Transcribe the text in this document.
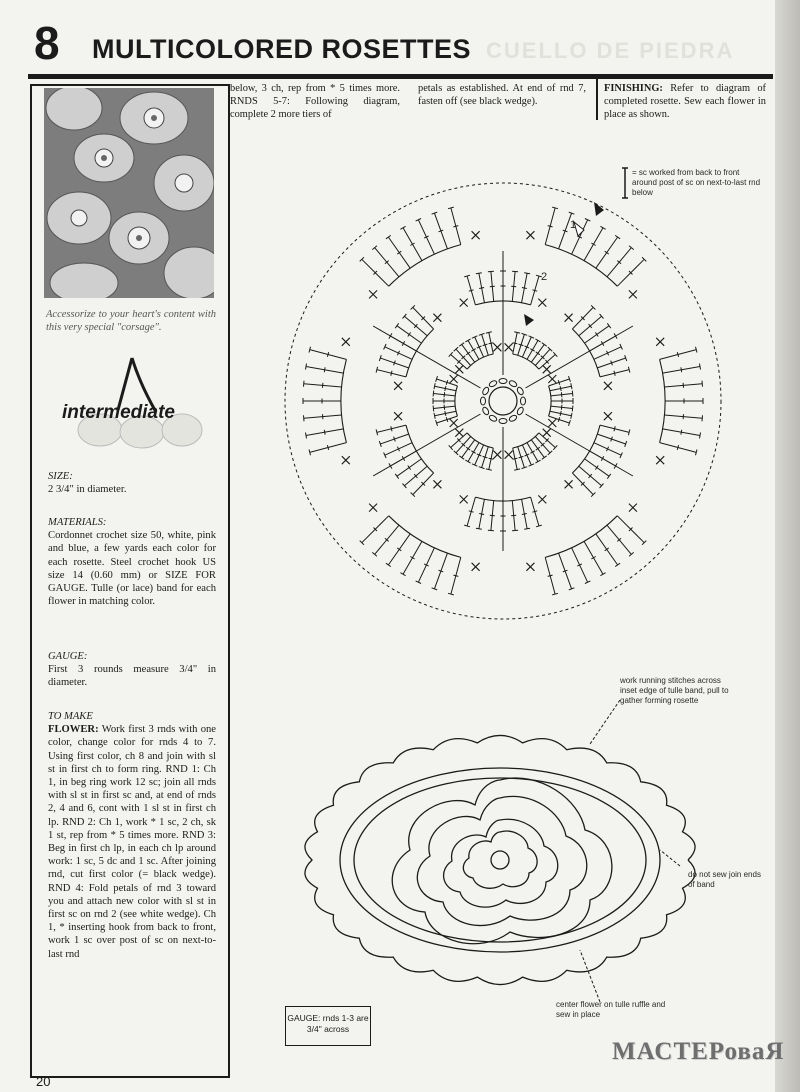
CUELLO DE PIEDRA
8 MULTICOLORED ROSETTES
Accessorize to your heart's content with this very special "corsage".
intermediate
SIZE:
2 3/4" in diameter.
MATERIALS:
Cordonnet crochet size 50, white, pink and blue, a few yards each color for each rosette. Steel crochet hook US size 14 (0.60 mm) or SIZE FOR GAUGE. Tulle (or lace) band for each flower in matching color.
GAUGE:
First 3 rounds measure 3/4" in diameter.
TO MAKE
FLOWER: Work first 3 rnds with one color, change color for rnds 4 to 7. Using first color, ch 8 and join with sl st in first ch to form ring. RND 1: Ch 1, in beg ring work 12 sc; join all rnds with sl st in first sc and, at end of rnds 2, 4 and 6, cont with 1 sl st in first ch lp. RND 2: Ch 1, work * 1 sc, 2 ch, sk 1 st, rep from * 5 times more. RND 3: Beg in first ch lp, in each ch lp around work: 1 sc, 5 dc and 1 sc. After joining rnd, cut first color (= black wedge). RND 4: Fold petals of rnd 3 toward you and attach new color with sl st in first sc on rnd 2 (see white wedge). Ch 1, * inserting hook from back to front, work 1 sc over post of sc on next-to-last rnd
below, 3 ch, rep from * 5 times more. RNDS 5-7: Following diagram, complete 2 more tiers of
petals as established. At end of rnd 7, fasten off (see black wedge).
FINISHING: Refer to diagram of completed rosette. Sew each flower in place as shown.
= sc worked from back to front around post of sc on next-to-last rnd below
1
2
work running stitches across inset edge of tulle band, pull to gather forming rosette
do not sew join ends of band
center flower on tulle ruffle and sew in place
GAUGE: rnds 1-3 are 3/4" across
20
МАСТЕРоваЯ
